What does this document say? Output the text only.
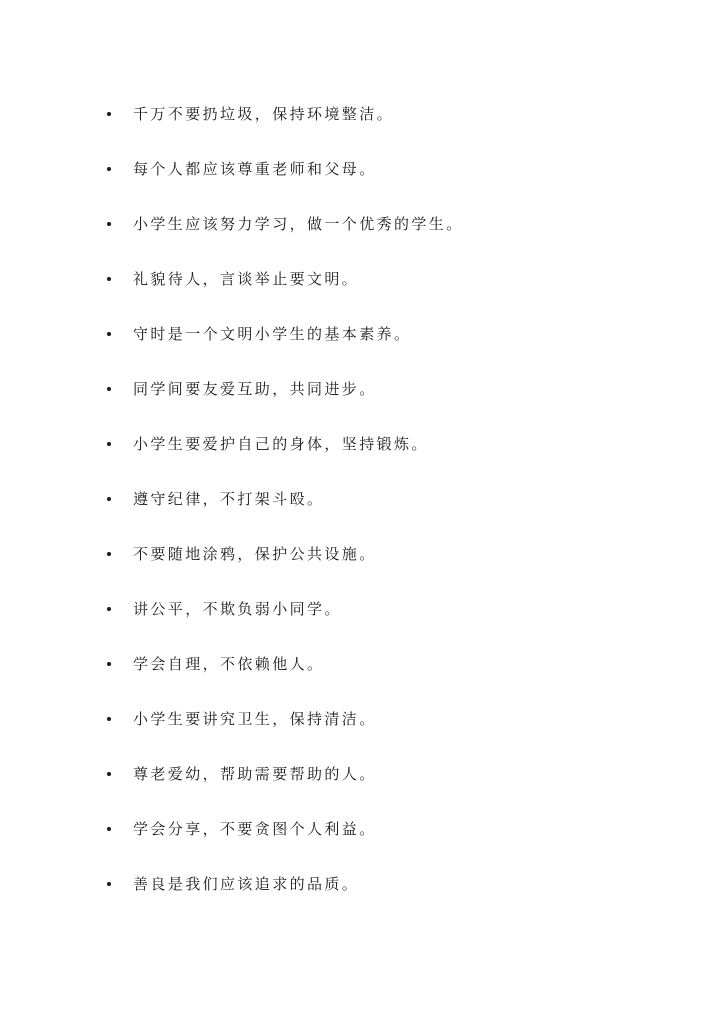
千万不要扔垃圾，保持环境整洁。
每个人都应该尊重老师和父母。
小学生应该努力学习，做一个优秀的学生。
礼貌待人，言谈举止要文明。
守时是一个文明小学生的基本素养。
同学间要友爱互助，共同进步。
小学生要爱护自己的身体，坚持锻炼。
遵守纪律，不打架斗殴。
不要随地涂鸦，保护公共设施。
讲公平，不欺负弱小同学。
学会自理，不依赖他人。
小学生要讲究卫生，保持清洁。
尊老爱幼，帮助需要帮助的人。
学会分享，不要贪图个人利益。
善良是我们应该追求的品质。
